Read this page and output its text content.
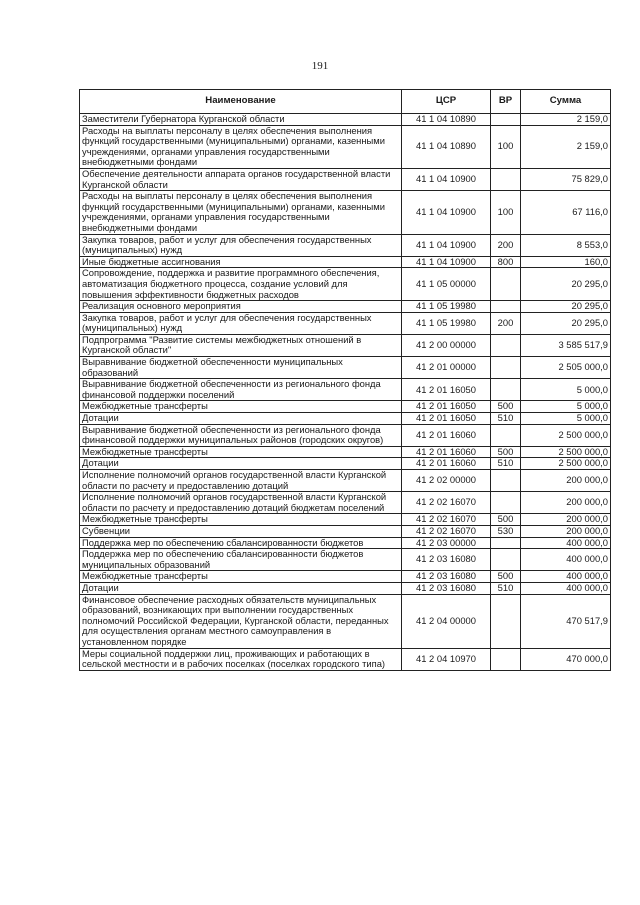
191
Наименование	ЦСР	ВР	Сумма
Заместители Губернатора Курганской области	41 1 04 10890		2 159,0
Расходы на выплаты персоналу в целях обеспечения выполнения функций государственными (муниципальными) органами, казенными учреждениями, органами управления государственными внебюджетными фондами	41 1 04 10890	100	2 159,0
Обеспечение деятельности аппарата органов государственной власти Курганской области	41 1 04 10900		75 829,0
Расходы на выплаты персоналу в целях обеспечения выполнения функций государственными (муниципальными) органами, казенными учреждениями, органами управления государственными внебюджетными фондами	41 1 04 10900	100	67 116,0
Закупка товаров, работ и услуг для обеспечения государственных (муниципальных) нужд	41 1 04 10900	200	8 553,0
Иные бюджетные ассигнования	41 1 04 10900	800	160,0
Сопровождение, поддержка и развитие программного обеспечения, автоматизация бюджетного процесса, создание условий для повышения эффективности бюджетных расходов	41 1 05 00000		20 295,0
Реализация основного мероприятия	41 1 05 19980		20 295,0
Закупка товаров, работ и услуг для обеспечения государственных (муниципальных) нужд	41 1 05 19980	200	20 295,0
Подпрограмма "Развитие системы межбюджетных отношений в Курганской области"	41 2 00 00000		3 585 517,9
Выравнивание бюджетной обеспеченности муниципальных образований	41 2 01 00000		2 505 000,0
Выравнивание бюджетной обеспеченности из регионального фонда финансовой поддержки поселений	41 2 01 16050		5 000,0
Межбюджетные трансферты	41 2 01 16050	500	5 000,0
Дотации	41 2 01 16050	510	5 000,0
Выравнивание бюджетной обеспеченности из регионального фонда финансовой поддержки муниципальных районов (городских округов)	41 2 01 16060		2 500 000,0
Межбюджетные трансферты	41 2 01 16060	500	2 500 000,0
Дотации	41 2 01 16060	510	2 500 000,0
Исполнение полномочий органов государственной власти Курганской области по расчету и предоставлению дотаций	41 2 02 00000		200 000,0
Исполнение полномочий органов государственной власти Курганской области по расчету и предоставлению дотаций бюджетам поселений	41 2 02 16070		200 000,0
Межбюджетные трансферты	41 2 02 16070	500	200 000,0
Субвенции	41 2 02 16070	530	200 000,0
Поддержка мер по обеспечению сбалансированности бюджетов	41 2 03 00000		400 000,0
Поддержка мер по обеспечению сбалансированности бюджетов муниципальных образований	41 2 03 16080		400 000,0
Межбюджетные трансферты	41 2 03 16080	500	400 000,0
Дотации	41 2 03 16080	510	400 000,0
Финансовое обеспечение расходных обязательств муниципальных образований, возникающих при выполнении государственных полномочий Российской Федерации, Курганской области, переданных для осуществления органам местного самоуправления в установленном порядке	41 2 04 00000		470 517,9
Меры социальной поддержки лиц, проживающих и работающих в сельской местности и в рабочих поселках (поселках городского типа)	41 2 04 10970		470 000,0
